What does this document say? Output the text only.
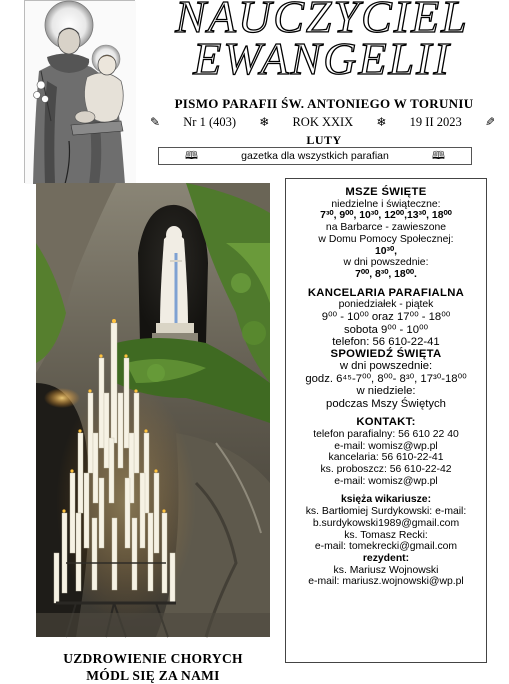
NAUCZYCIEL
EWANGELII
PISMO PARAFII ŚW. ANTONIEGO W TORUNIU
✎ Nr 1 (403) ❄ ROK XXIX ❄ 19 II 2023 ✎
LUTY
🕮	gazetka dla wszystkich parafian	🕮
UZDROWIENIE CHORYCH
MÓDL SIĘ ZA NAMI
MSZE ŚWIĘTE
niedzielne i świąteczne:
7³⁰, 9⁰⁰, 10³⁰, 12⁰⁰,13³⁰, 18⁰⁰
na Barbarce - zawieszone
w Domu Pomocy Społecznej:
10³⁰,
w dni powszednie:
7⁰⁰, 8³⁰, 18⁰⁰.
KANCELARIA PARAFIALNA
poniedziałek - piątek
9⁰⁰ - 10⁰⁰ oraz 17⁰⁰ - 18⁰⁰
sobota 9⁰⁰ - 10⁰⁰
telefon: 56 610-22-41
SPOWIEDŹ ŚWIĘTA
w dni powszednie:
godz. 6⁴⁵-7⁰⁰, 8⁰⁰- 8³⁰, 17³⁰-18⁰⁰
w niedziele:
podczas Mszy Świętych
KONTAKT:
telefon parafialny: 56 610 22 40
e-mail: womisz@wp.pl
kancelaria: 56 610-22-41
ks. proboszcz: 56 610-22-42
e-mail: womisz@wp.pl
księża wikariusze:
ks. Bartłomiej Surdykowski: e-mail:
b.surdykowski1989@gmail.com
ks. Tomasz Recki:
e-mail: tomekrecki@gmail.com
rezydent:
ks. Mariusz Wojnowski
e-mail: mariusz.wojnowski@wp.pl
